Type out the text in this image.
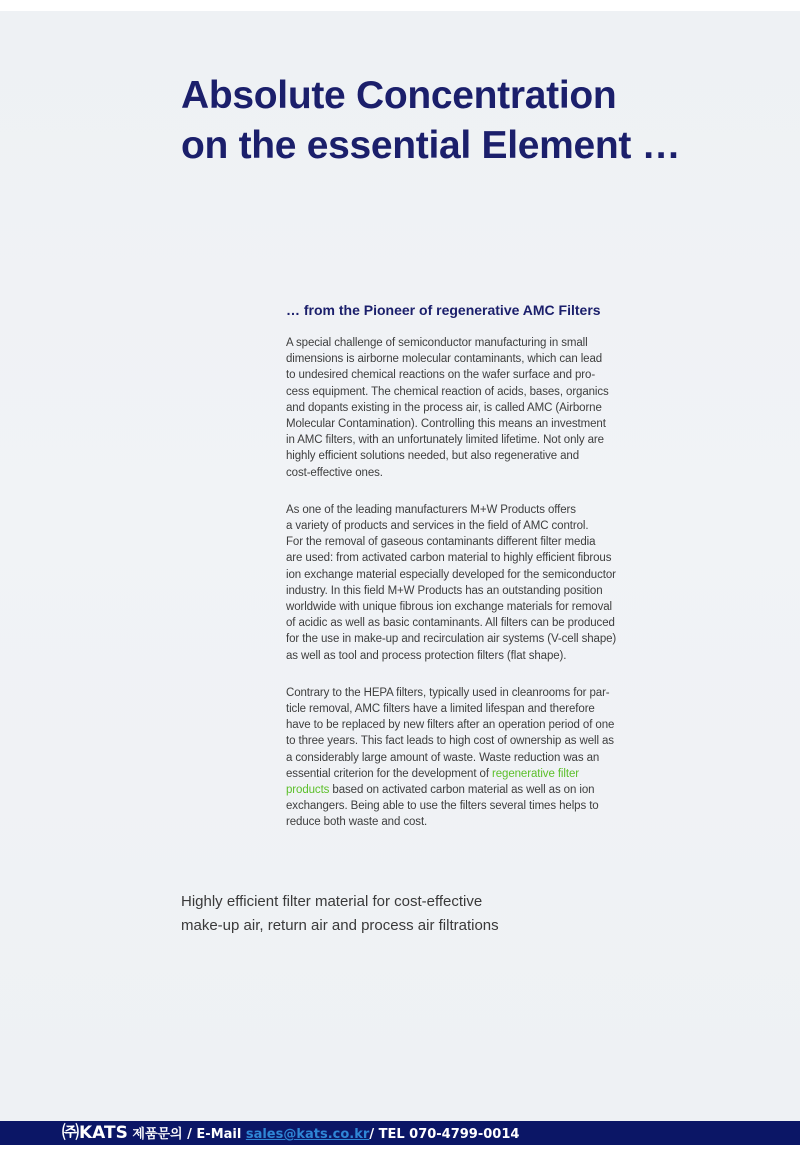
Absolute Concentration
on the essential Element …
… from the Pioneer of regenerative AMC Filters

A special challenge of semiconductor manufacturing in small
dimensions is airborne molecular contaminants, which can lead
to undesired chemical reactions on the wafer surface and pro-
cess equipment. The chemical reaction of acids, bases, organics
and dopants existing in the process air, is called AMC (Airborne
Molecular Contamination). Controlling this means an investment
in AMC filters, with an unfortunately limited lifetime. Not only are
highly efficient solutions needed, but also regenerative and
cost-effective ones.

As one of the leading manufacturers M+W Products offers
a variety of products and services in the field of AMC control.
For the removal of gaseous contaminants different filter media
are used: from activated carbon material to highly efficient fibrous
ion exchange material especially developed for the semiconductor
industry. In this field M+W Products has an outstanding position
worldwide with unique fibrous ion exchange materials for removal
of acidic as well as basic contaminants. All filters can be produced
for the use in make-up and recirculation air systems (V-cell shape)
as well as tool and process protection filters (flat shape).

Contrary to the HEPA filters, typically used in cleanrooms for par-
ticle removal, AMC filters have a limited lifespan and therefore
have to be replaced by new filters after an operation period of one
to three years. This fact leads to high cost of ownership as well as
a considerably large amount of waste. Waste reduction was an
essential criterion for the development of regenerative filter
products based on activated carbon material as well as on ion
exchangers. Being able to use the filters several times helps to
reduce both waste and cost.

Highly efficient filter material for cost-effective
make-up air, return air and process air filtrations

㈜KATS 제품문의 / E-Mail sales@kats.co.kr/ TEL 070-4799-0014
